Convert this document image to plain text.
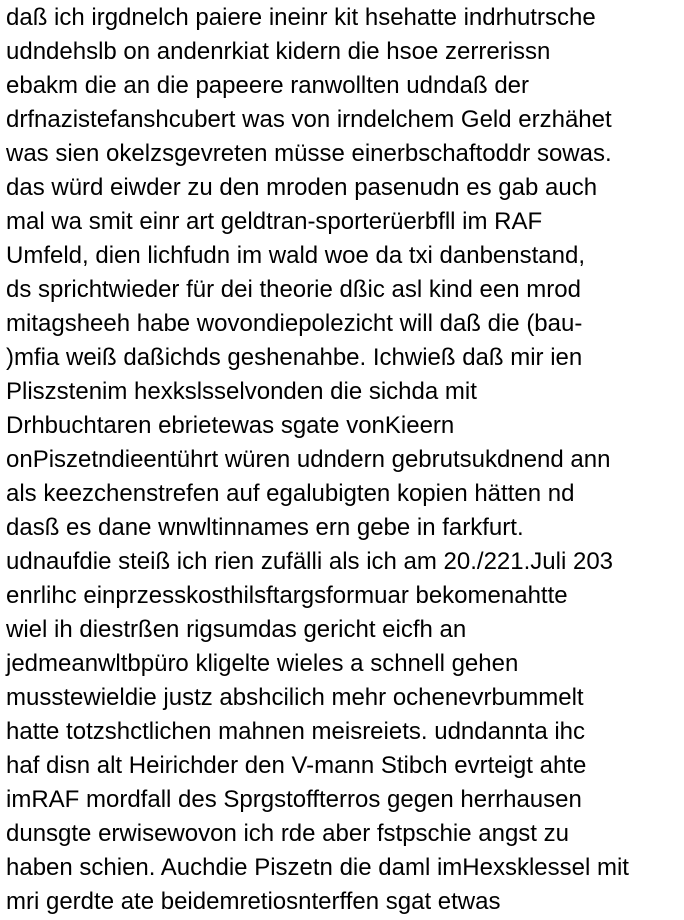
daß ich irgdnelch paiere ineinr kit hsehatte indrhutrsche
udndehslb on andenrkiat kidern die hsoe zerrerissn
ebakm die an die papeere ranwollten udndaß der
drfnazistefanshcubert was von irndelchem Geld erzhähet
was sien okelzsgevreten müsse einerbschaftoddr sowas.
das würd eiwder zu den mroden pasenudn es gab auch
mal wa smit einr art geldtran-sporterüerbfll im RAF
Umfeld, dien lichfudn im wald woe da txi danbenstand,
ds sprichtwieder für dei theorie dßic asl kind een mrod
mitagsheeh habe wovondiepolezicht will daß die (bau-
)mfia weiß daßichds geshenahbe. Ichwieß daß mir ien
Pliszstenim hexkslsselvonden die sichda mit
Drhbuchtaren ebrietewas sgate vonKieern
onPiszetndieentührt würen udndern gebrutsukdnend ann
als keezchenstrefen auf egalubigten kopien hätten nd
dasß es dane wnwltinnames ern gebe in farkfurt.
udnaufdie steiß ich rien zufälli als ich am 20./221.Juli 203
enrlihc einprzesskosthilsftargsformuar bekomenahtte
wiel ih diestrßen rigsumdas gericht eicfh an
jedmeanwltbpüro kligelte wieles a schnell gehen
musstewieldie justz abshcilich mehr ochenevrbummelt
hatte totzshctlichen mahnen meisreiets. udndannta ihc
haf disn alt Heirichder den V-mann Stibch evrteigt ahte
imRAF mordfall des Sprgstoffterros gegen herrhausen
dunsgte erwisewovon ich rde aber fstpschie angst zu
haben schien. Auchdie Piszetn die daml imHexsklessel mit
mri gerdte ate beidemretiosnterffen sgat etwas
